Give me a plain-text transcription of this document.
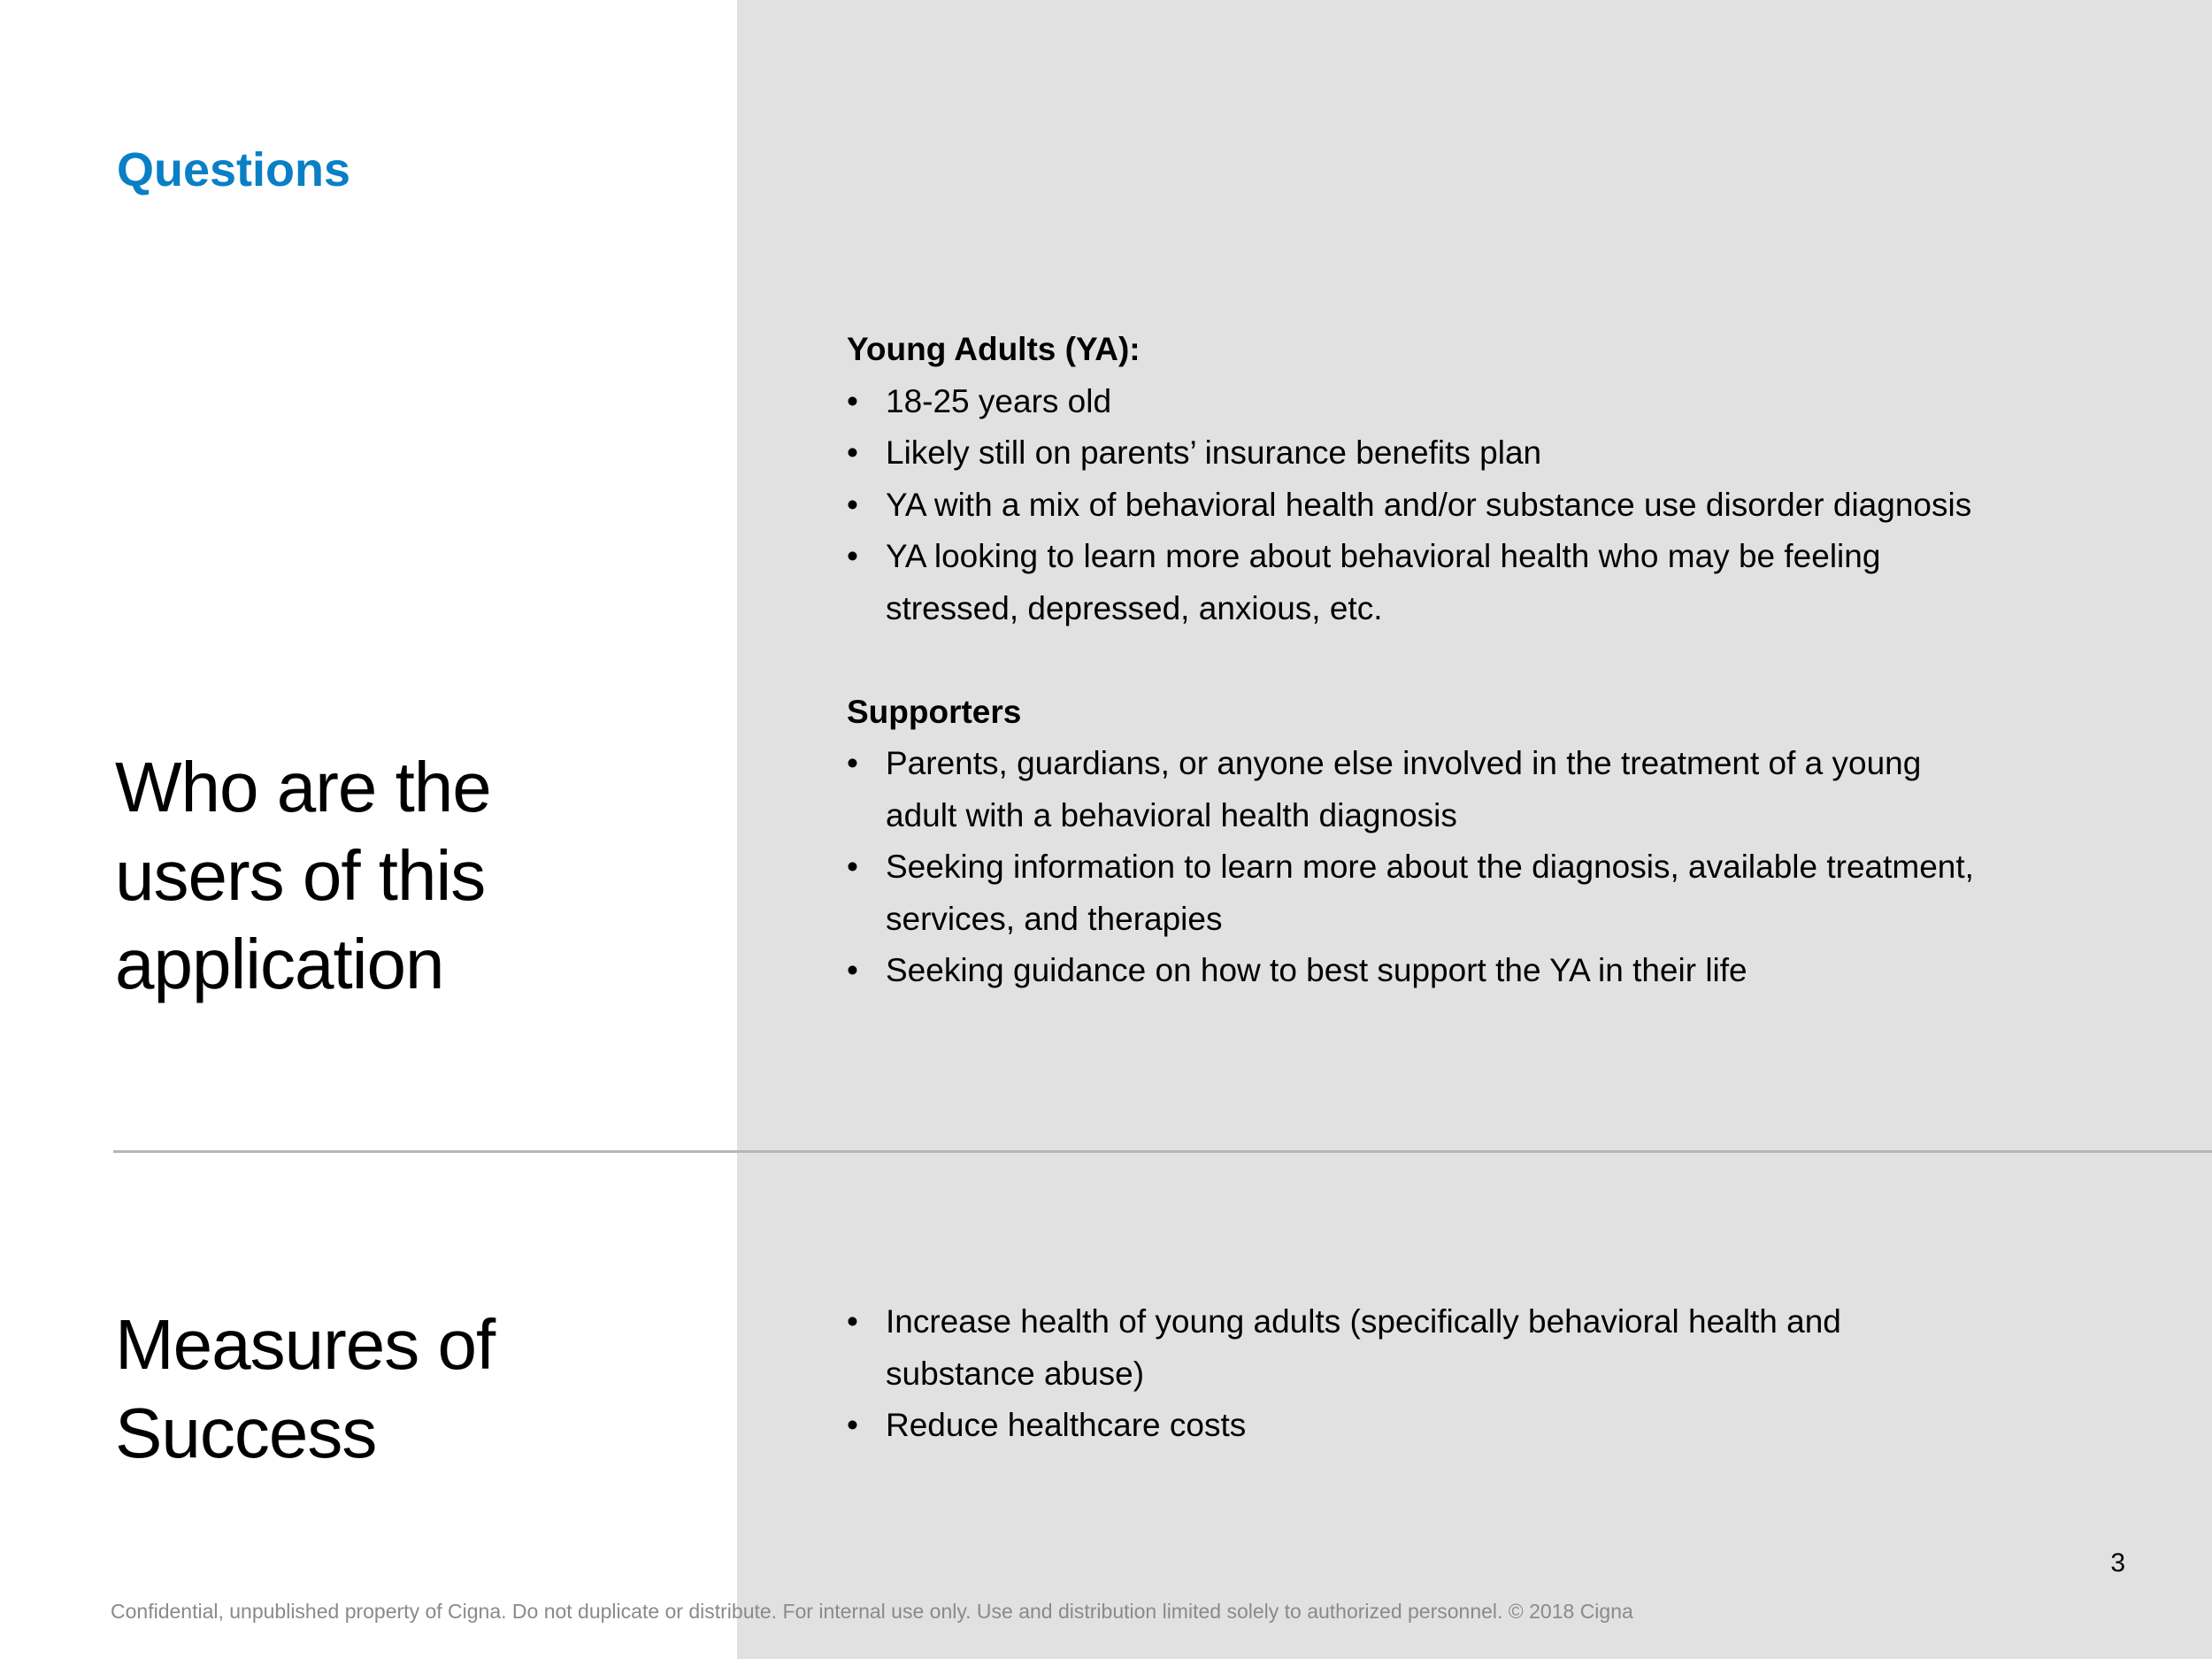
Questions
Who are the users of this application

Young Adults (YA):

• 18-25 years old
• Likely still on parents’ insurance benefits plan
• YA with a mix of behavioral health and/or substance use disorder diagnosis
• YA looking to learn more about behavioral health who may be feeling stressed, depressed, anxious, etc.

Supporters

• Parents, guardians, or anyone else involved in the treatment of a young adult with a behavioral health diagnosis
• Seeking information to learn more about the diagnosis, available treatment, services, and therapies
• Seeking guidance on how to best support the YA in their life
Measures of Success
• Increase health of young adults (specifically behavioral health and substance abuse)
• Reduce healthcare costs
3
Confidential, unpublished property of Cigna. Do not duplicate or distribute. For internal use only. Use and distribution limited solely to authorized personnel. © 2018 Cigna
